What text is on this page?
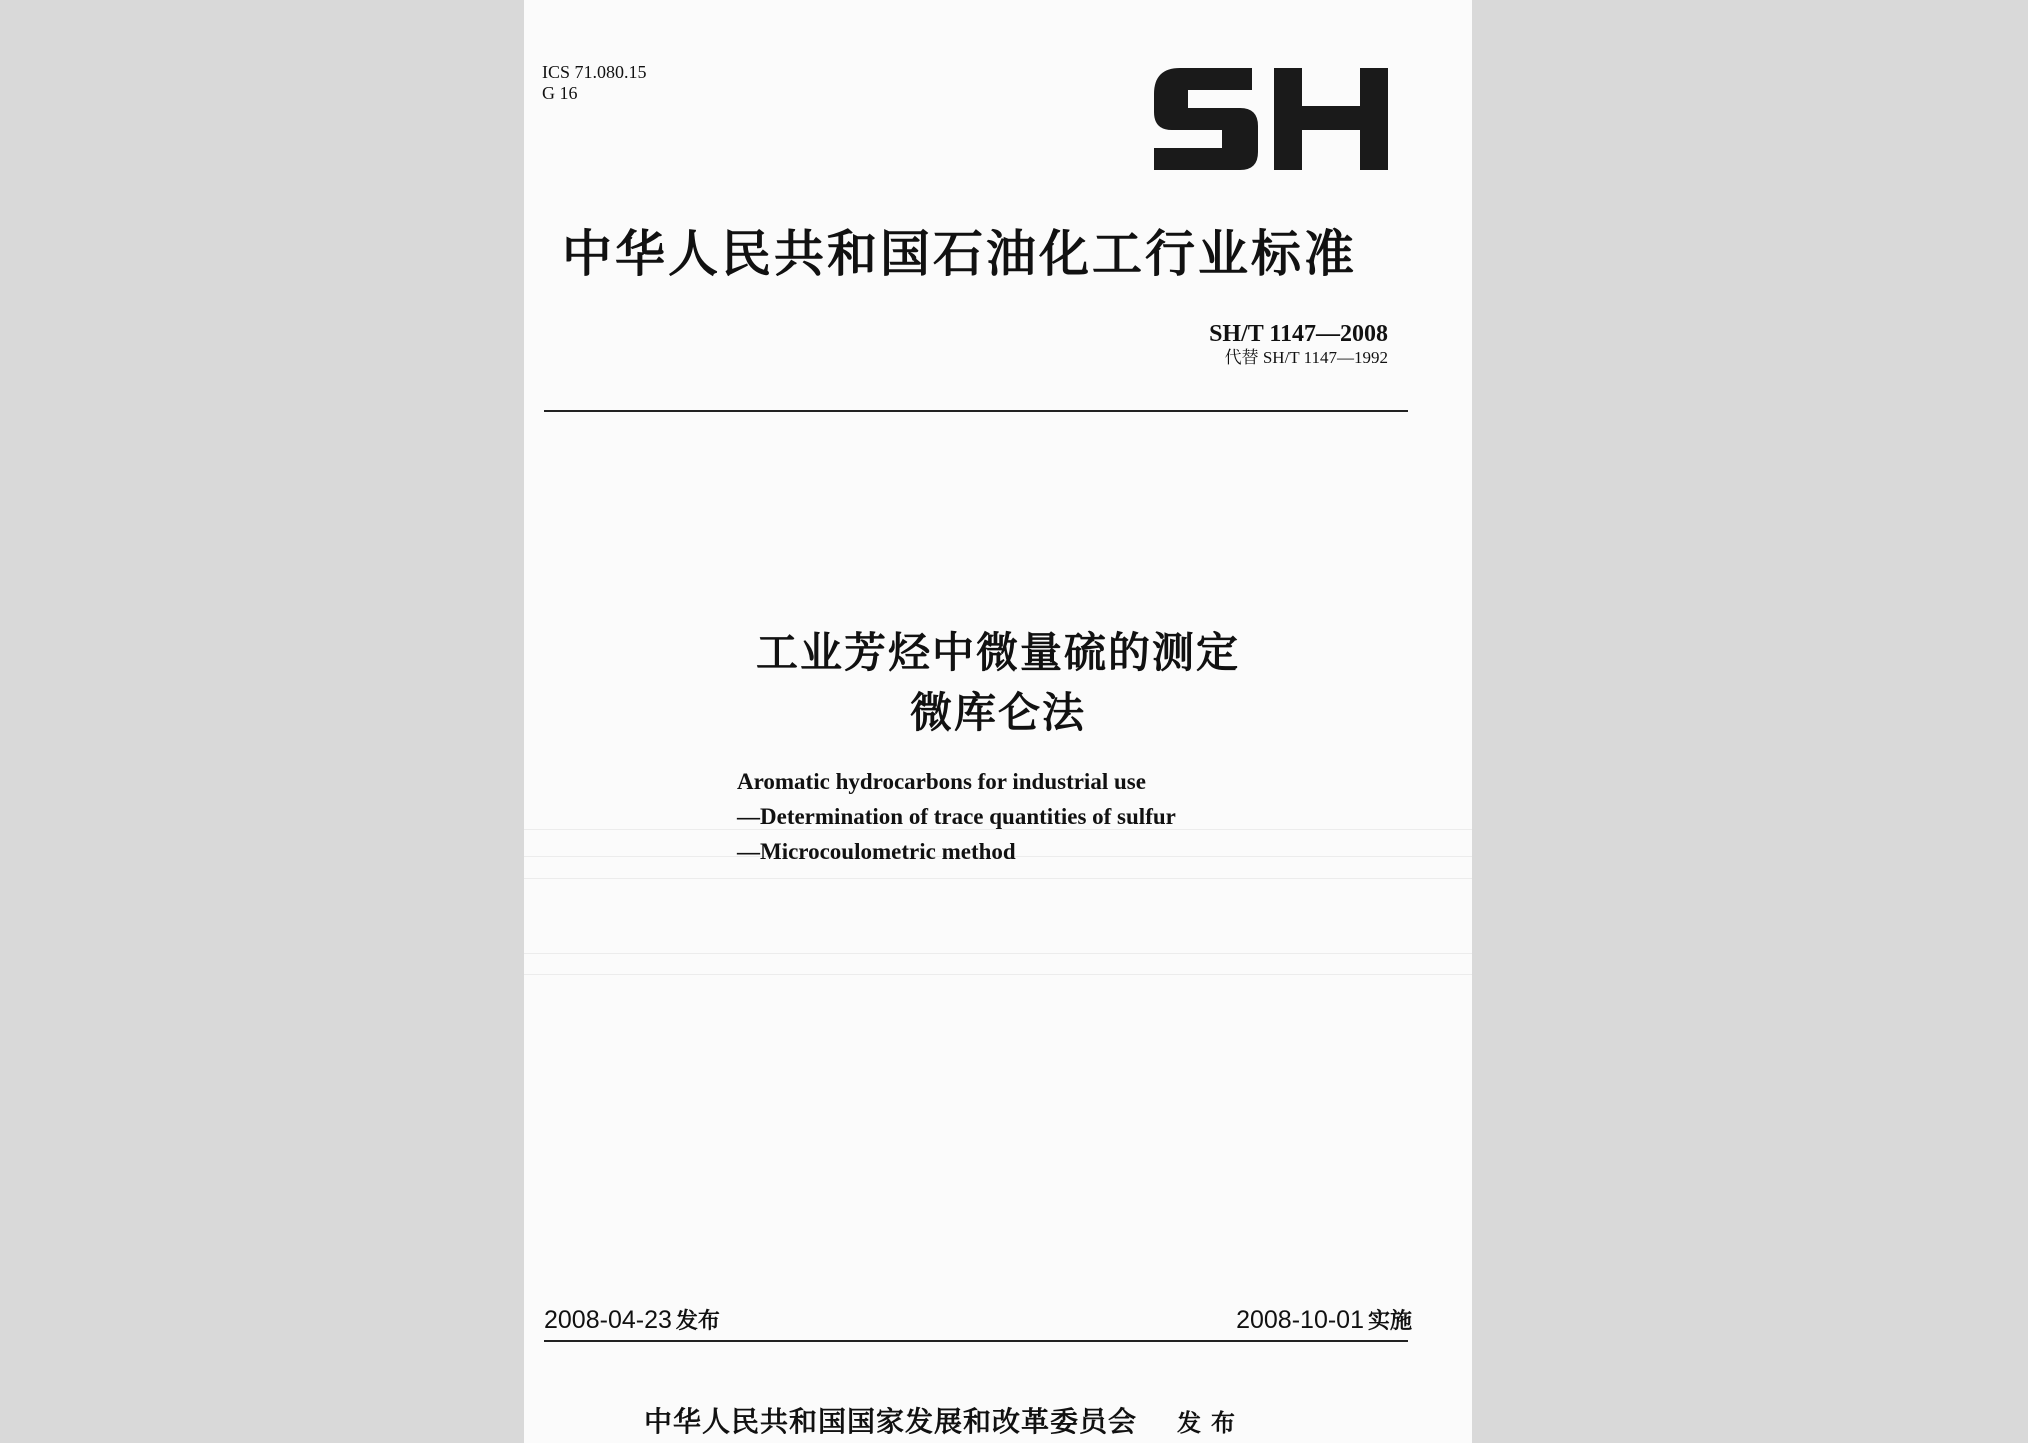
ICS 71.080.15
G 16
中华人民共和国石油化工行业标准
SH/T 1147—2008
代替 SH/T 1147—1992
工业芳烃中微量硫的测定
微库仑法
Aromatic hydrocarbons for industrial use
—Determination of trace quantities of sulfur
—Microcoulometric method
2008-04-23 发布	2008-10-01 实施
中华人民共和国国家发展和改革委员会 发布
